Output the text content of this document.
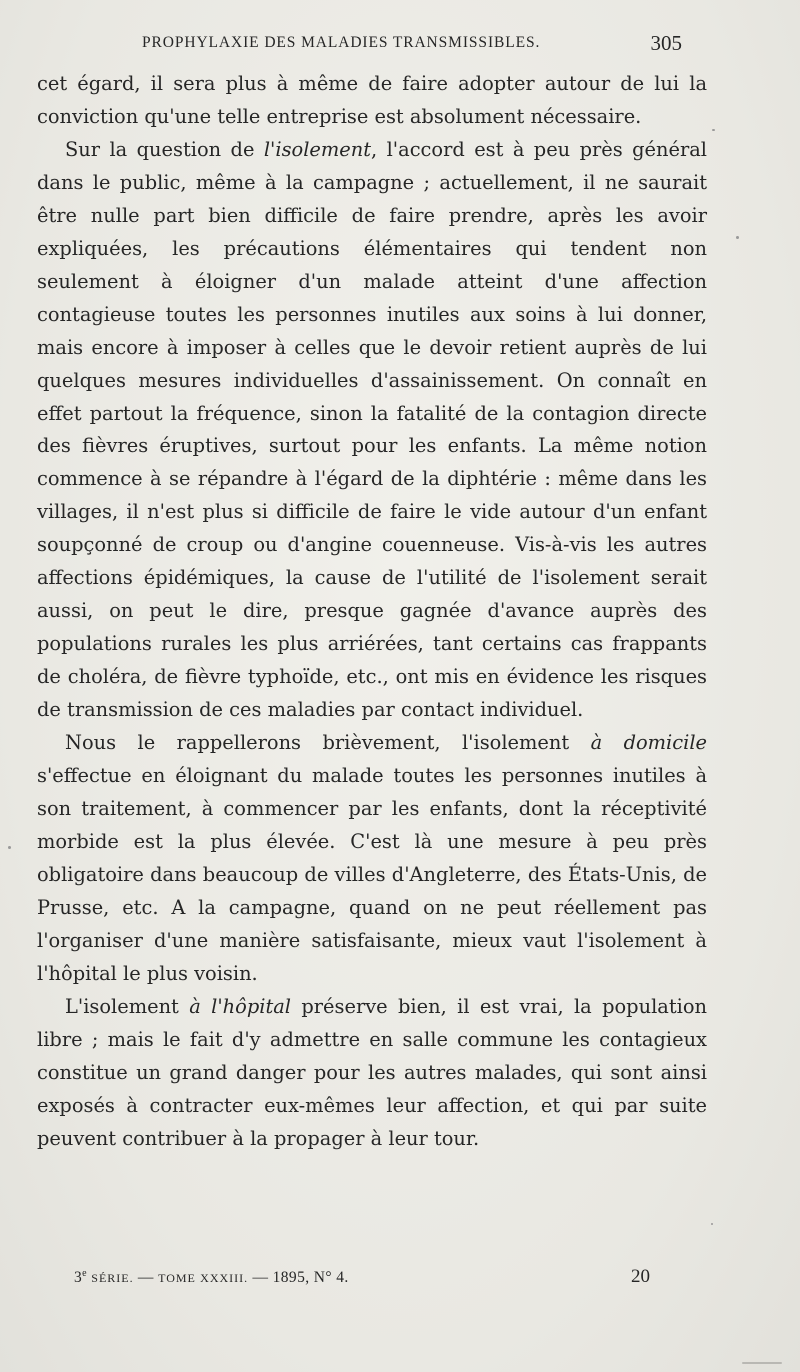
PROPHYLAXIE DES MALADIES TRANSMISSIBLES.	305

cet égard, il sera plus à même de faire adopter autour de lui la conviction qu'une telle entreprise est absolument nécessaire.

Sur la question de l'isolement, l'accord est à peu près général dans le public, même à la campagne ; actuellement, il ne saurait être nulle part bien difficile de faire prendre, après les avoir expliquées, les précautions élémentaires qui tendent non seulement à éloigner d'un malade atteint d'une affection contagieuse toutes les personnes inutiles aux soins à lui donner, mais encore à imposer à celles que le devoir retient auprès de lui quelques mesures individuelles d'assainissement. On connaît en effet partout la fréquence, sinon la fatalité de la contagion directe des fièvres éruptives, surtout pour les enfants. La même notion commence à se répandre à l'égard de la diphtérie : même dans les villages, il n'est plus si difficile de faire le vide autour d'un enfant soupçonné de croup ou d'angine couenneuse. Vis-à-vis les autres affections épidémiques, la cause de l'utilité de l'isolement serait aussi, on peut le dire, presque gagnée d'avance auprès des populations rurales les plus arriérées, tant certains cas frappants de choléra, de fièvre typhoïde, etc., ont mis en évidence les risques de transmission de ces maladies par contact individuel.

Nous le rappellerons brièvement, l'isolement à domicile s'effectue en éloignant du malade toutes les personnes inutiles à son traitement, à commencer par les enfants, dont la réceptivité morbide est la plus élevée. C'est là une mesure à peu près obligatoire dans beaucoup de villes d'Angleterre, des États-Unis, de Prusse, etc. A la campagne, quand on ne peut réellement pas l'organiser d'une manière satisfaisante, mieux vaut l'isolement à l'hôpital le plus voisin.

L'isolement à l'hôpital préserve bien, il est vrai, la population libre ; mais le fait d'y admettre en salle commune les contagieux constitue un grand danger pour les autres malades, qui sont ainsi exposés à contracter eux-mêmes leur affection, et qui par suite peuvent contribuer à la propager à leur tour.

3e SÉRIE. — TOME XXXIII. — 1895, N° 4.	20
